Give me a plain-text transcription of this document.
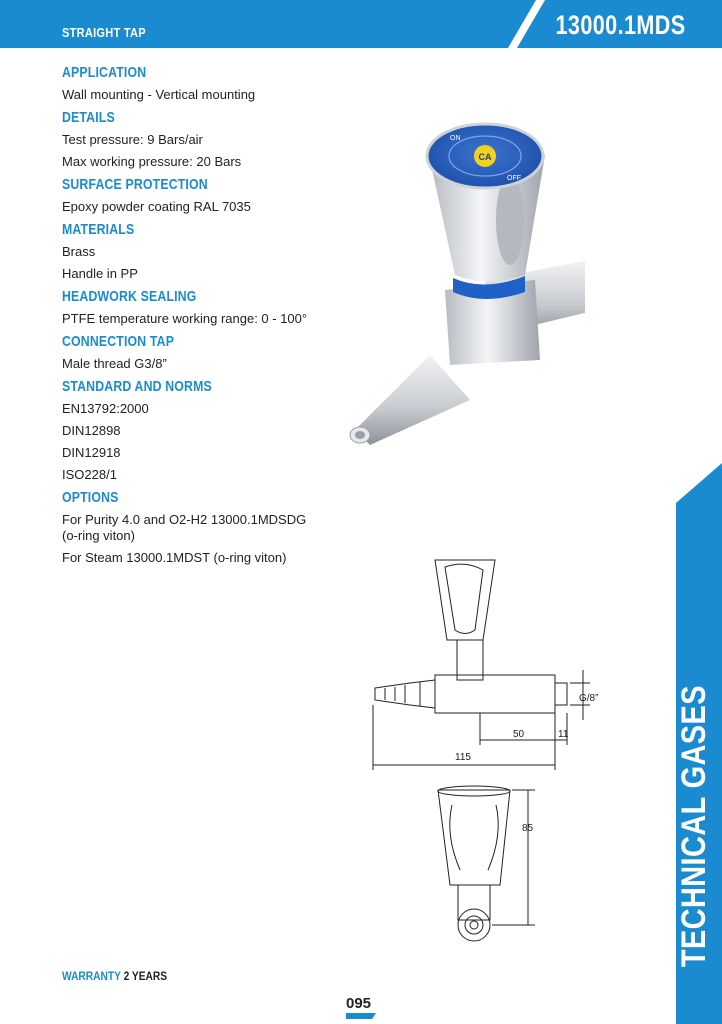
STRAIGHT TAP	13000.1MDS
APPLICATION
Wall mounting - Vertical mounting
DETAILS
Test pressure: 9 Bars/air
Max working pressure: 20 Bars
SURFACE PROTECTION
Epoxy powder coating RAL 7035
MATERIALS
Brass
Handle in PP
HEADWORK SEALING
PTFE temperature working range: 0 - 100°
CONNECTION TAP
Male thread G3/8”
STANDARD AND NORMS
EN13792:2000
DIN12898
DIN12918
ISO228/1
OPTIONS
For Purity 4.0 and O2-H2 13000.1MDSDG (o-ring viton)
For Steam 13000.1MDST (o-ring viton)
CA
ON
OFF
50	11
115
G/8”
85	TECHNICAL GASES
WARRANTY 2 YEARS
095
